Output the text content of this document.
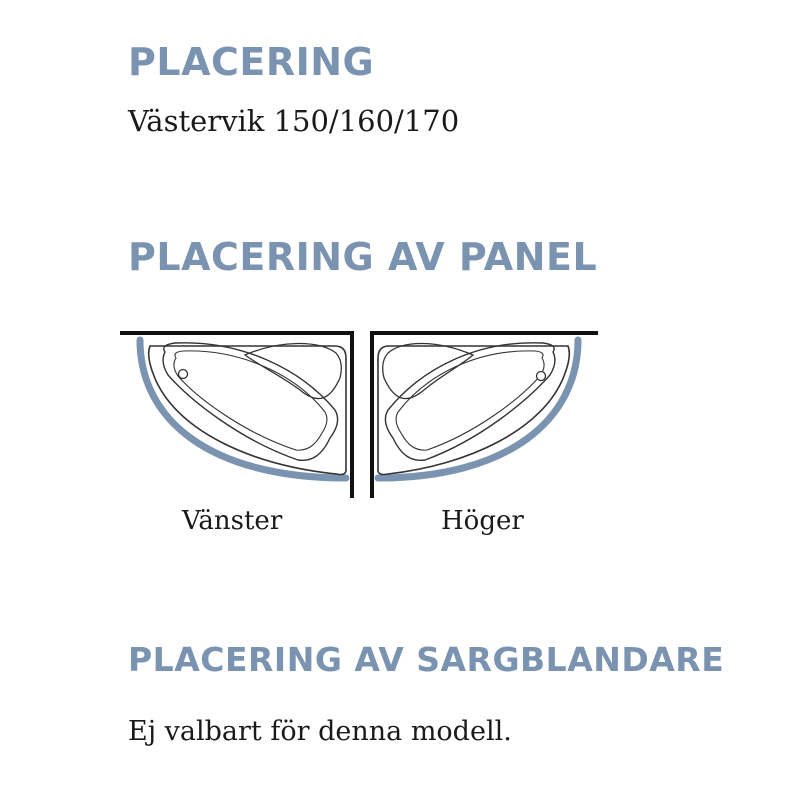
PLACERING

Västervik 150/160/170

PLACERING AV PANEL
Vänster	Höger
PLACERING AV SARGBLANDARE

Ej valbart för denna modell.
